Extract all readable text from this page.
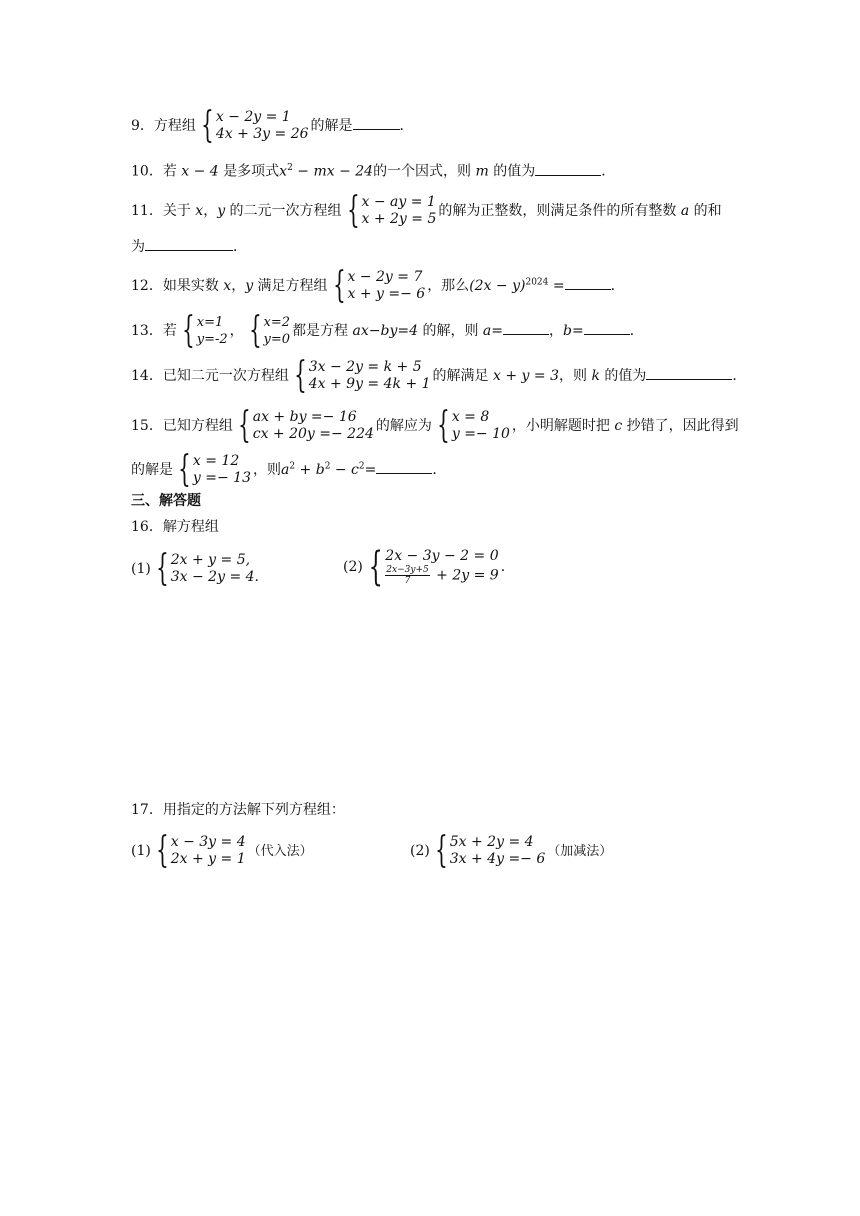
9．方程组 { x − 2y = 1
4x + 3y = 26 的解是	．
10．若 x − 4 是多项式$x^2$ − mx − 24的一个因式，则 m 的值为	．
11．关于 x，y 的二元一次方程组 { x − ay = 1
x + 2y = 5 的解为正整数，则满足条件的所有整数 a 的和
为	．
12．如果实数 x，y 满足方程组 { x − 2y = 7
x + y =− 6 ，那么$(2x - y)^{2024}$ =	．
13．若 { x=1
y=-2
， { x=2
y=0
都是方程 ax−by=4 的解，则 a=	，b=	．
14．已知二元一次方程组 { 3x − 2y = k + 5
4x + 9y = 4k + 1 的解满足 x + y = 3，则 k 的值为	．
15．已知方程组 { ax + by =− 16
cx + 20y =− 224 的解应为 { x = 8
y =− 10 ，小明解题时把 c 抄错了，因此得到
的解是 { x = 12
y =− 13 ，则$a^2 + b^2 - c^2=$	．
三、解答题
16．解方程组
(1) { 2x + y = 5,
3x − 2y = 4.
(2) { 2x − 3y − 2 = 0
$\frac{2x-3y+5}{7} + 2y = 9$
．
17．用指定的方法解下列方程组：
(1) { x − 3y = 4
2x + y = 1 （代入法）	(2) { 5x + 2y = 4
3x + 4y =− 6 （加减法）
